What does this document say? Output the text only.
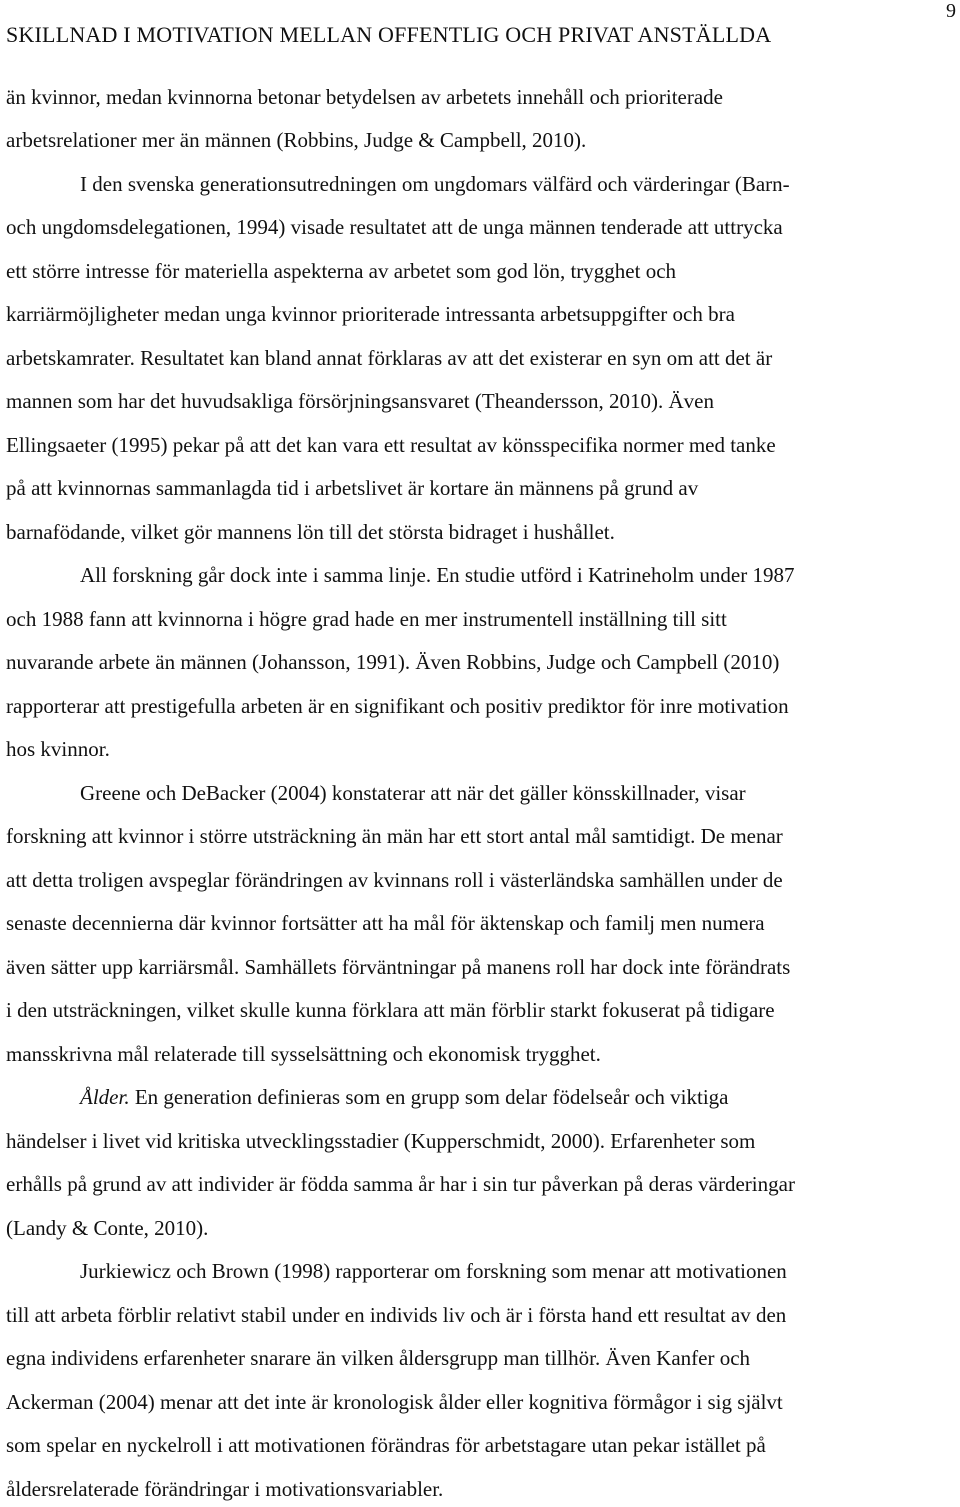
SKILLNAD I MOTIVATION MELLAN OFFENTLIG OCH PRIVAT ANSTÄLLDA
9
än kvinnor, medan kvinnorna betonar betydelsen av arbetets innehåll och prioriterade
arbetsrelationer mer än männen (Robbins, Judge & Campbell, 2010).
I den svenska generationsutredningen om ungdomars välfärd och värderingar (Barn-
och ungdomsdelegationen, 1994) visade resultatet att de unga männen tenderade att uttrycka
ett större intresse för materiella aspekterna av arbetet som god lön, trygghet och
karriärmöjligheter medan unga kvinnor prioriterade intressanta arbetsuppgifter och bra
arbetskamrater. Resultatet kan bland annat förklaras av att det existerar en syn om att det är
mannen som har det huvudsakliga försörjningsansvaret (Theandersson, 2010). Även
Ellingsaeter (1995) pekar på att det kan vara ett resultat av könsspecifika normer med tanke
på att kvinnornas sammanlagda tid i arbetslivet är kortare än männens på grund av
barnafödande, vilket gör mannens lön till det största bidraget i hushållet.
All forskning går dock inte i samma linje. En studie utförd i Katrineholm under 1987
och 1988 fann att kvinnorna i högre grad hade en mer instrumentell inställning till sitt
nuvarande arbete än männen (Johansson, 1991). Även Robbins, Judge och Campbell (2010)
rapporterar att prestigefulla arbeten är en signifikant och positiv prediktor för inre motivation
hos kvinnor.
Greene och DeBacker (2004) konstaterar att när det gäller könsskillnader, visar
forskning att kvinnor i större utsträckning än män har ett stort antal mål samtidigt. De menar
att detta troligen avspeglar förändringen av kvinnans roll i västerländska samhällen under de
senaste decennierna där kvinnor fortsätter att ha mål för äktenskap och familj men numera
även sätter upp karriärsmål. Samhällets förväntningar på manens roll har dock inte förändrats
i den utsträckningen, vilket skulle kunna förklara att män förblir starkt fokuserat på tidigare
mansskrivna mål relaterade till sysselsättning och ekonomisk trygghet.
Ålder. En generation definieras som en grupp som delar födelseår och viktiga
händelser i livet vid kritiska utvecklingsstadier (Kupperschmidt, 2000). Erfarenheter som
erhålls på grund av att individer är födda samma år har i sin tur påverkan på deras värderingar
(Landy & Conte, 2010).
Jurkiewicz och Brown (1998) rapporterar om forskning som menar att motivationen
till att arbeta förblir relativt stabil under en individs liv och är i första hand ett resultat av den
egna individens erfarenheter snarare än vilken åldersgrupp man tillhör. Även Kanfer och
Ackerman (2004) menar att det inte är kronologisk ålder eller kognitiva förmågor i sig självt
som spelar en nyckelroll i att motivationen förändras för arbetstagare utan pekar istället på
åldersrelaterade förändringar i motivationsvariabler.
